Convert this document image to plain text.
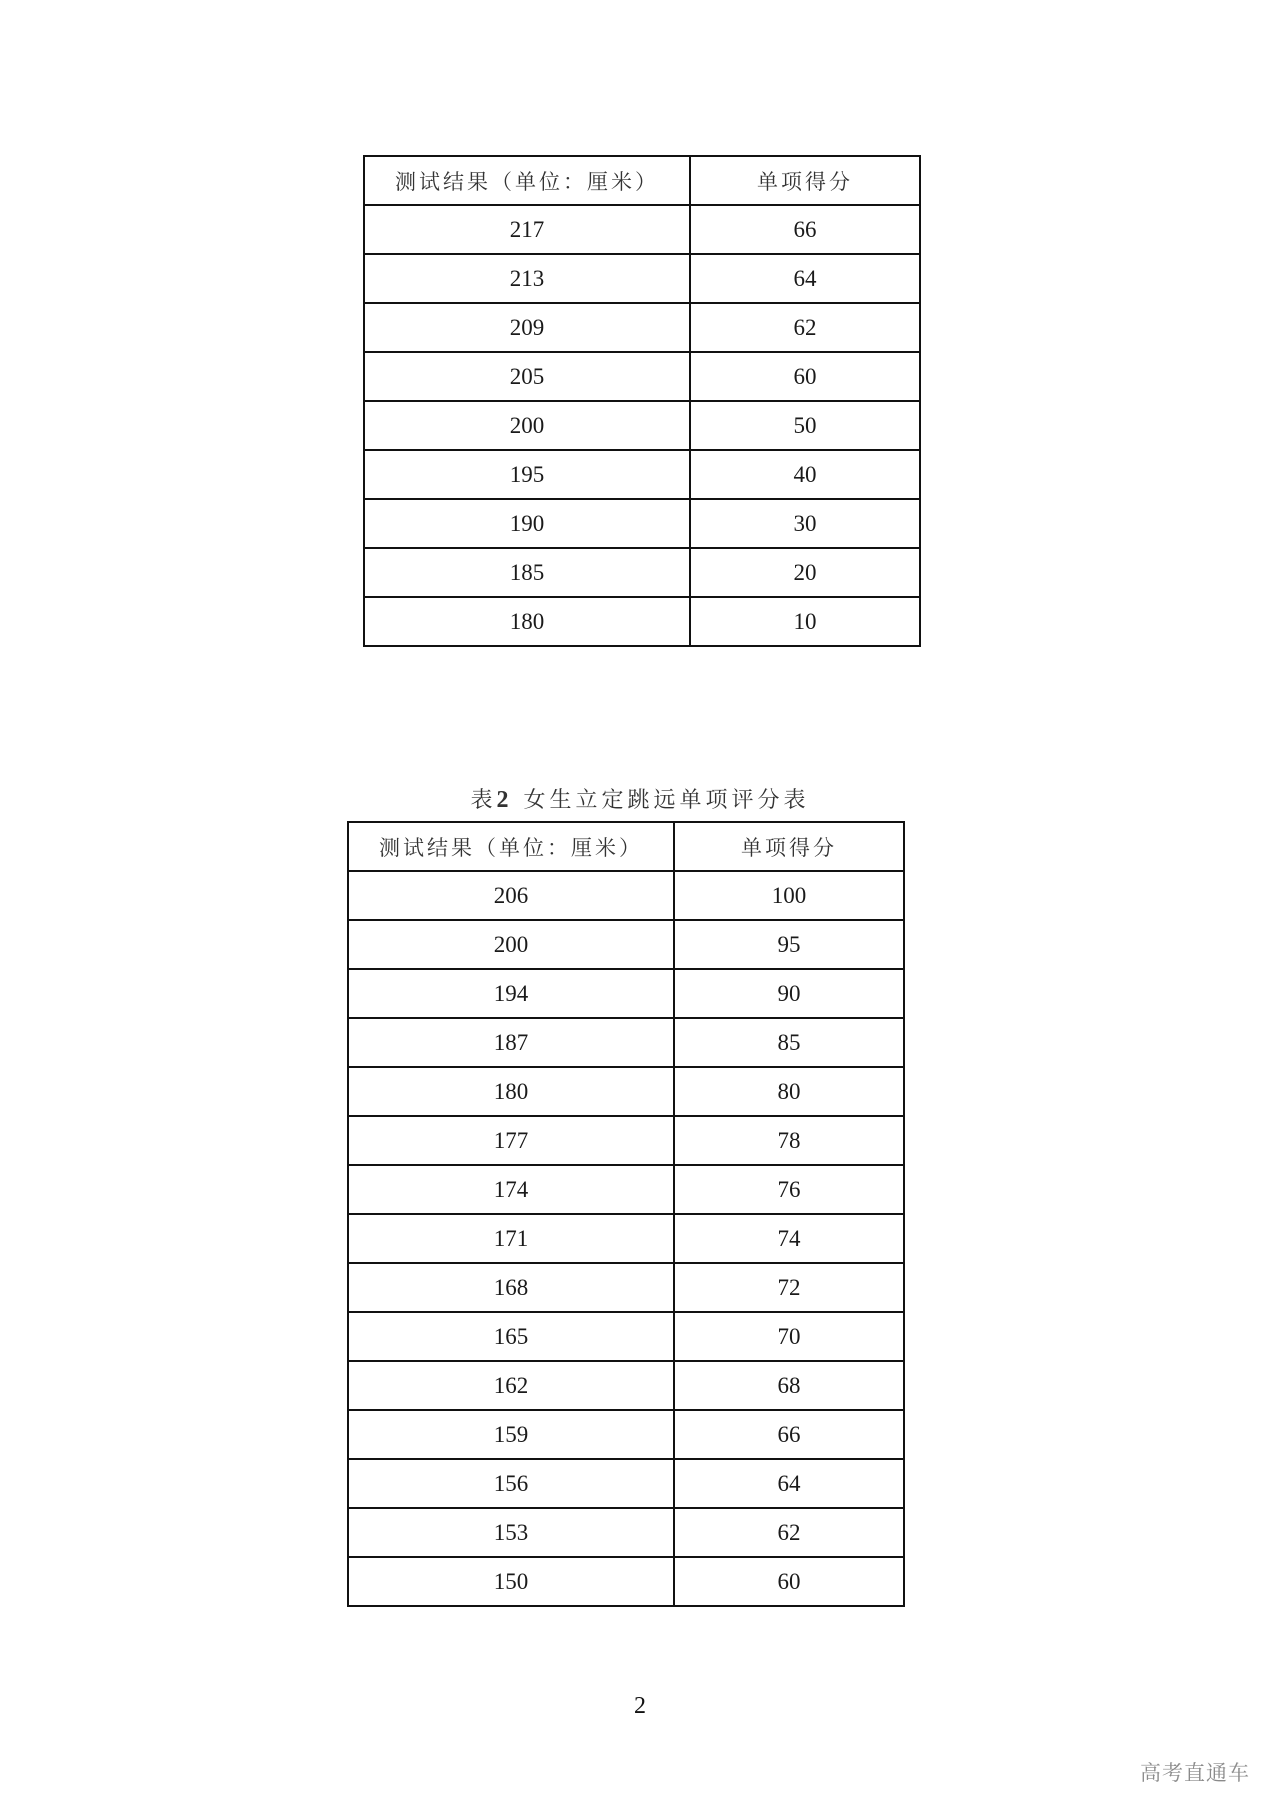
测试结果（单位：厘米）	单项得分
217	66
213	64
209	62
205	60
200	50
195	40
190	30
185	20
180	10
表2 女生立定跳远单项评分表
测试结果（单位：厘米）	单项得分
206	100
200	95
194	90
187	85
180	80
177	78
174	76
171	74
168	72
165	70
162	68
159	66
156	64
153	62
150	60
2
高考直通车
